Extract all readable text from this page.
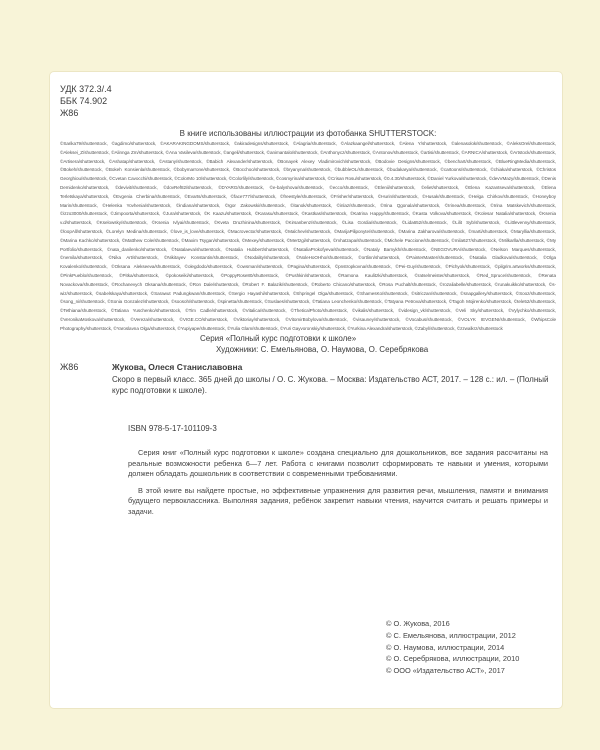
УДК 372.3/.4
ББК 74.902
Ж86
В книге использованы иллюстрации из фотобанка SHUTTERSTOCK:
©Sarika79/shutterstock, ©agdimo/shutterstock, ©AKARAKINGDOMS/shutterstock, ©akiradesigns/shutterstock, ©Alagria/shutterstock, ©Alazkaangel/shutterstock, ©Alena Y/shutterstock, ©alenasolok/shutterstock, ©AleksOrel/shutterstock, ©Aleksei_Z/shutterstock, ©Alinnga Zm/shutterstock, ©Ana Vasileva/shutterstock, ©angeli/shutterstock, ©animantalo/shutterstock, ©Anthonycz/shutterstock, ©Antonov/shutterstock, ©artisi/shutterstock, ©ARNICA/shutterstock, ©Artstock/shutterstock, ©Artisera/shutterstock, ©Ashatap/shutterstock, ©Astany/shutterstock, ©Babich Alexander/shutterstock, ©Bonayek Alexey Vladimirovich/shutterstock, ©Bodovie Designs/shutterstock, ©benchart/shutterstock, ©BlueRingMedia/shutterstock, ©Bokeh/shutterstock, ©Bokeh Konsienla/shutterstock, ©bobymarrone/shutterstock, ©Bocchoo/shutterstock, ©bryanyna/shutterstock, ©bubbleOL/shutterstock, ©budakarya/shutterstock, ©cartoons/shutterstock, ©chiaka/shutterstock, ©Christos Georghiou/shutterstock, ©Cvetan Cavocchi/shutterstock, ©ColorMo 10/shutterstock, ©Colorlily/shutterstock, ©cosmyrina/shutterstock, ©Crisan Rosu/shutterstock, ©0.4.30/shutterstock, ©Daniel Yurkova/shutterstock, ©devVMazy/shutterstock, ©Denis Demidenko/shutterstock, ©devivit/shutterstock, ©dovRef82/shutterstock, ©DYARG/shutterstock, ©e-balyshova/shutterstock, ©ecco/shutterstock, ©Elenii/shutterstock, ©eliet/shutterstock, ©Elena Kazantseva/shutterstock, ©Elena Terletskaya/shutterstock, ©Evgenia Cherbina/shutterstock, ©Evarts/shutterstock, ©face777/shutterstock, ©freestyle/shutterstock, ©Frisher/shutterstock, ©Hurin/shutterstock, ©Husak/shutterstock, ©Helga Chirkov/shutterstock, ©Honeyboy Marin/shutterstock, ©Helenka Yovhenia/shutterstock, ©indiana/shutterstock, ©Igor Zakowski/shutterstock, ©itanok/shutterstock, ©inlaz/shutterstock, ©Irina Qgonala/shutterstock, ©Irinea/shutterstock, ©Irina Matskevich/shutterstock, ©izzo3000/shutterstock, ©Jimpoorta/shutterstock, ©Jura/shutterstock, ©K Kaazu/shutterstock, ©Karasu/shutterstock, ©Kastkas/shutterstock, ©Katrina Happy/shutterstock, ©Kasta Volkova/shutterstock, ©Kolesar Natalia/shutterstock, ©Ksenia v.d/shutterstock, ©Kselowsky/shutterstock, ©Ksenia Ivlyai/shutterstock, ©Kveta Druzhinina/shutterstock, ©Kirsanbenz/shutterstock, ©Lisa Gordia/shutterstock, ©Lida652/shutterstock, ©Lilit Syb/shutterstock, ©Littlevenny/shutterstock, ©loopAll/shutterstock, ©Lorelyn Medina/shutterstock, ©love_is_love/shutterstock, ©Macrovector/shutterstock, ©Malchev/shutterstock, ©MarijaPiliponyte/shutterstock, ©Marina Zakharova/shutterstock, ©marti/shutterstock, ©Maryllia/shutterstock, ©Marina Kachko/shutterstock, ©Matthew Cole/shutterstock, ©Maxim Tsygan/shutterstock, ©Mexey/shutterstock, ©Mertzgi/shutterstock, ©mhatzapa/shutterstock, ©Michele Paccione/shutterstock, ©mila627/shutterstock, ©Milkarlla/shutterstock, ©My Portfolio/shutterstock, ©nata_danilenko/shutterstock, ©Natalaeva/shutterstock, ©Natalia Hubbert/shutterstock, ©NataliaProkofyeva/shutterstock, ©Nataly Barnykh/shutterstock, ©NEGOVURA/shutterstock, ©Nelson Marques/shutterstock, ©nemila/shutterstock, ©Nika Art/shutterstock, ©Nikitayev Konstantin/shutterstock, ©Nodality/shutterstock, ©NoleHoOHho/shutterstock, ©ortlinn/shutterstock, ©PainterMaster/shutterstock, ©Natalia Gladkova/shutterstock, ©Olga Kovalenko/shutterstock, ©Oksana Alekseeva/shutterstock, ©olegdodo/shutterstock, ©owsman/shutterstock, ©Pagina/shutterstock, ©pnstropkovna/shutterstock, ©Pei-Guy/shutterstock, ©Pichyok/shutterstock, ©pilgrim.artworks/shutterstock, ©PinkPueblo/shutterstock, ©Pitka/shutterstock, ©pokoseiki/shutterstock, ©PoppyRose80/shutterstock, ©Pushkin/shutterstock, ©Ramona Kaulitzki/shutterstock, ©ratselmeister/shutterstock, ©Red_Spruce/shutterstock, ©Renata Novackova/shutterstock, ©Rochanevych Oksana/shutterstock, ©Ron Dale/shutterstock, ©Robert F. Balazik/shutterstock, ©Roberto Chicano/shutterstock, ©Rosa Puchalt/shutterstock, ©rozaliabelle/shutterstock, ©runakuikko/shutterstock, ©s-wiz/shutterstock, ©sabelskaya/shutterstock, ©Sarawut Padungkwan/shutterstock, ©Sergio Hayashi/shutterstock, ©Shpringel Olga/shutterstock, ©ShamesKo/shutterstock, ©sitriczan/shutterstock, ©snapgallery/shutterstock, ©Sooz/shutterstock, ©song_ni/shutterstock, ©Sonia Gonzalez/shutterstock, ©soosoh/shutterstock, ©spinetta/shutterstock, ©Suslaes/shutterstock, ©Tatiana Leonchenko/shutterstock, ©Tatyana Petrova/shutterstock, ©Tagoh Mojirenko/shutterstock, ©tele52/shutterstock, ©Tethiana/shutterstock, ©Tatiana Yuschenko/shutterstock, ©Tim Cadle/shutterstock, ©Vitalica/shutterstock, ©TheticalPhoto/shutterstock, ©vikalis/shutterstock, ©videsign_vk/shutterstock, ©Veli Sky/shutterstock, ©Vylychko/shutterstock, ©VeronikaMoskova/shutterstock, ©Vereza/shutterstock, ©VIGE.CO/shutterstock, ©Viktoriay/shutterstock, ©VitomirBobylova/shutterstock, ©visauney/shutterstock, ©Vocabus/shutterstock, ©VOLYK IEVGENI/shutterstock, ©WhipsCole Photography/shutterstock, ©Yaroslavna Olga/shutterstock, ©Yupiyape/shutterstock, ©Yulia Glam/shutterstock, ©Yuri Gayvoronskiy/shutterstock, ©Yurkina Alexandra/shutterstock, ©Zabyl/shutterstock, ©zzwalkrz/shutterstock
Серия «Полный курс подготовки к школе»
Художники: С. Емельянова, О. Наумова, О. Серебрякова
Ж86	Жукова, Олеся Станиславовна
Скоро в первый класс. 365 дней до школы / О. С. Жукова. – Москва: Издательство АСТ, 2017. – 128 с.: ил. – (Полный курс подготовки к школе).
ISBN 978-5-17-101109-3

Серия книг «Полный курс подготовки к школе» создана специально для дошкольников, все задания рассчитаны на реальные возможности ребенка 6—7 лет. Работа с книгами позволит сформировать те навыки и умения, которыми должен обладать дошкольник в соответствии с современными требованиями.

В этой книге вы найдете простые, но эффективные упражнения для развития речи, мышления, памяти и внимания будущего первоклассника. Выполняя задания, ребёнок закрепит навыки чтения, научится считать и решать примеры и задачи.

© О. Жукова, 2016
© С. Емельянова, иллюстрации, 2012
© О. Наумова, иллюстрации, 2014
© О. Серебрякова, иллюстрации, 2010
© ООО «Издательство АСТ», 2017
